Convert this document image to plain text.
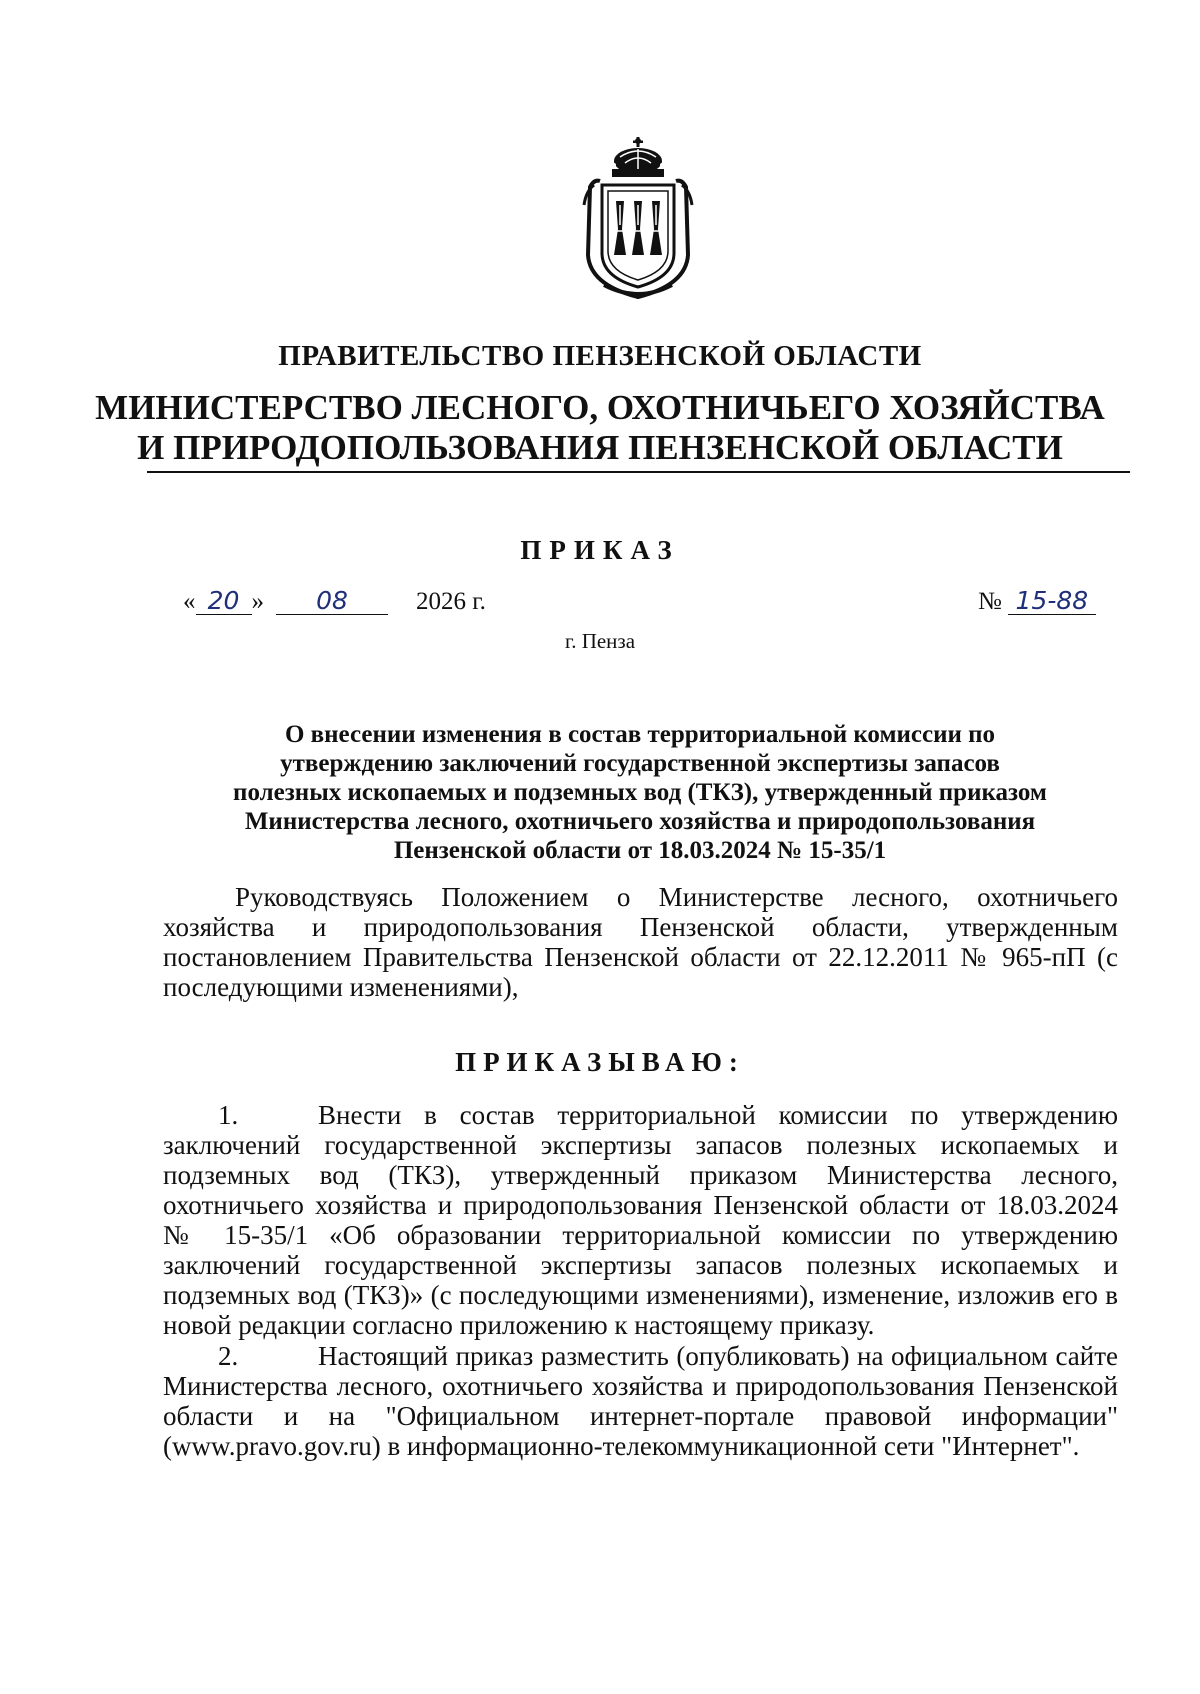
ПРАВИТЕЛЬСТВО ПЕНЗЕНСКОЙ ОБЛАСТИ
МИНИСТЕРСТВО ЛЕСНОГО, ОХОТНИЧЬЕГО ХОЗЯЙСТВА
И ПРИРОДОПОЛЬЗОВАНИЯ ПЕНЗЕНСКОЙ ОБЛАСТИ
ПРИКАЗ
« 20 » 08	2026 г.	№ 15-88
г. Пенза
О внесении изменения в состав территориальной комиссии по
утверждению заключений государственной экспертизы запасов
полезных ископаемых и подземных вод (ТКЗ), утвержденный приказом
Министерства лесного, охотничьего хозяйства и природопользования
Пензенской области от 18.03.2024 № 15-35/1

Руководствуясь Положением о Министерстве лесного, охотничьего хозяйства и природопользования Пензенской области, утвержденным постановлением Правительства Пензенской области от 22.12.2011 № 965-пП (с последующими изменениями),

ПРИКАЗЫВАЮ:

1.	Внести в состав территориальной комиссии по утверждению заключений государственной экспертизы запасов полезных ископаемых и подземных вод (ТКЗ), утвержденный приказом Министерства лесного, охотничьего хозяйства и природопользования Пензенской области от 18.03.2024 № 15-35/1 «Об образовании территориальной комиссии по утверждению заключений государственной экспертизы запасов полезных ископаемых и подземных вод (ТКЗ)» (с последующими изменениями), изменение, изложив его в новой редакции согласно приложению к настоящему приказу.

2.	Настоящий приказ разместить (опубликовать) на официальном сайте Министерства лесного, охотничьего хозяйства и природопользования Пензенской области и на "Официальном интернет-портале правовой информации" (www.pravo.gov.ru) в информационно-телекоммуникационной сети "Интернет".
